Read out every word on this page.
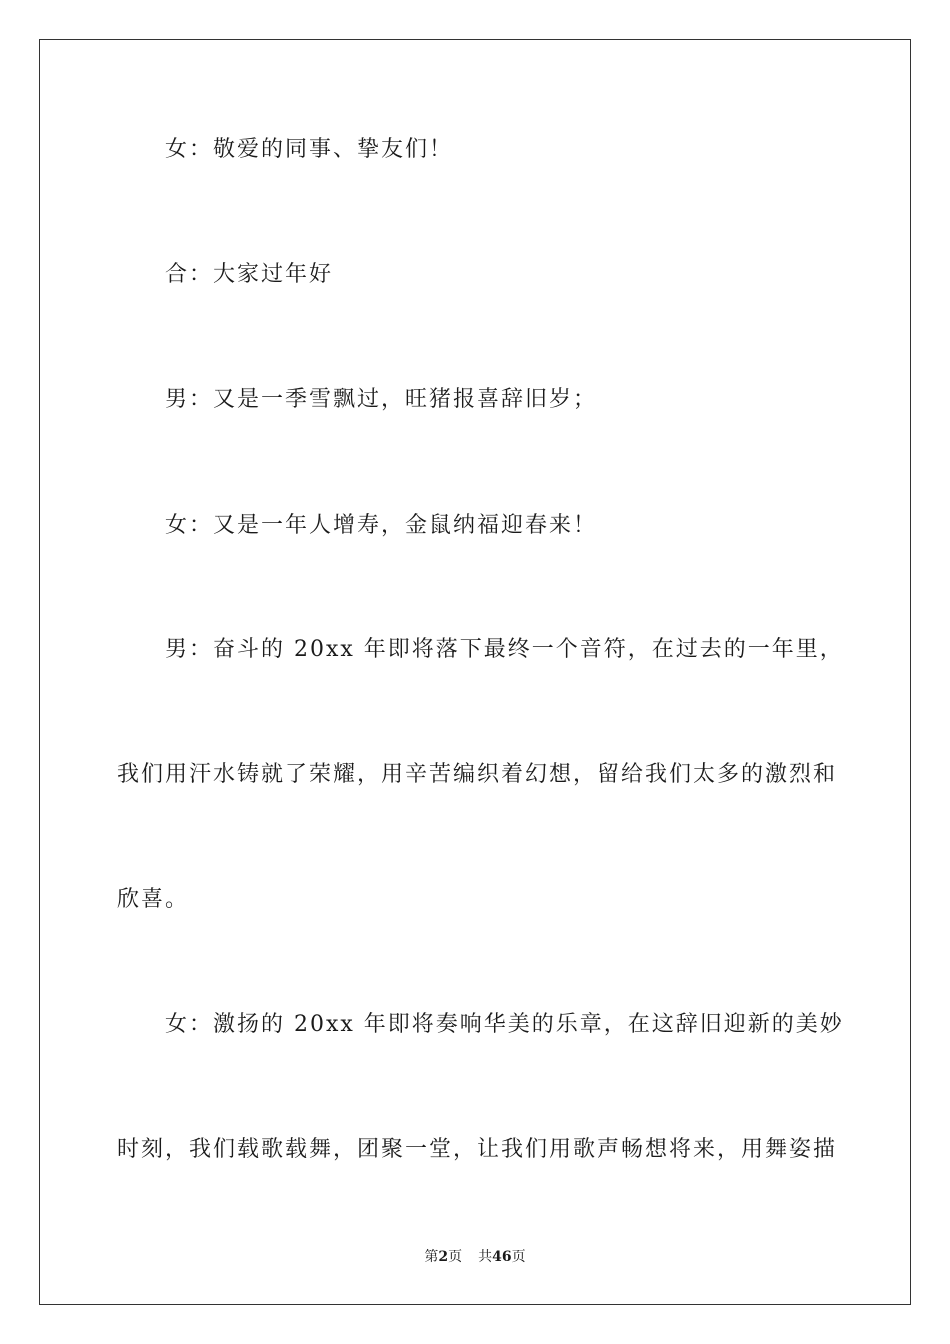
女：敬爱的同事、挚友们！
合：大家过年好
男：又是一季雪飘过，旺猪报喜辞旧岁；
女：又是一年人增寿，金鼠纳福迎春来！
男：奋斗的 20xx 年即将落下最终一个音符，在过去的一年里，
我们用汗水铸就了荣耀，用辛苦编织着幻想，留给我们太多的激烈和
欣喜。
女：激扬的 20xx 年即将奏响华美的乐章，在这辞旧迎新的美妙
时刻，我们载歌载舞，团聚一堂，让我们用歌声畅想将来，用舞姿描
第2页 共46页
